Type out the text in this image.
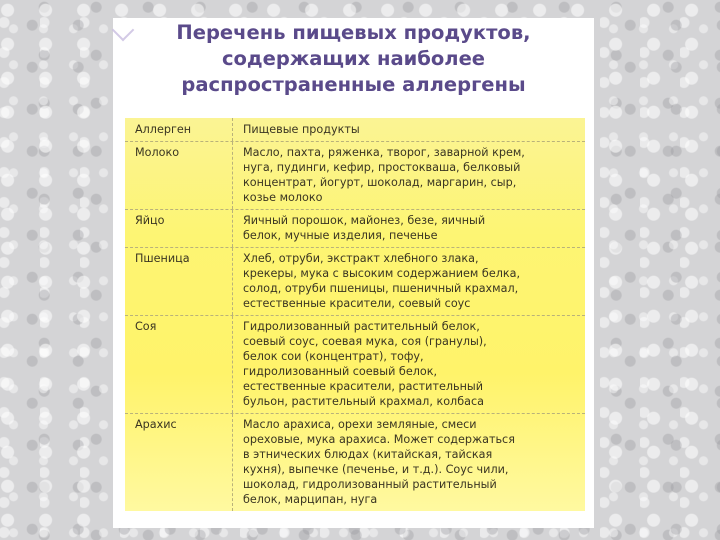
Перечень пищевых продуктов,
содержащих наиболее
распространенные аллергены
Аллерген	Пищевые продукты
Молоко	Масло, пахта, ряженка, творог, заварной крем,
нуга, пудинги, кефир, простокваша, белковый
концентрат, йогурт, шоколад, маргарин, сыр,
козье молоко
Яйцо	Яичный порошок, майонез, безе, яичный
белок, мучные изделия, печенье
Пшеница	Хлеб, отруби, экстракт хлебного злака,
крекеры, мука с высоким содержанием белка,
солод, отруби пшеницы, пшеничный крахмал,
естественные красители, соевый соус
Соя	Гидролизованный растительный белок,
соевый соус, соевая мука, соя (гранулы),
белок сои (концентрат), тофу,
гидролизованный соевый белок,
естественные красители, растительный
бульон, растительный крахмал, колбаса
Арахис	Масло арахиса, орехи земляные, смеси
ореховые, мука арахиса. Может содержаться
в этнических блюдах (китайская, тайская
кухня), выпечке (печенье, и т.д.). Соус чили,
шоколад, гидролизованный растительный
белок, марципан, нуга
